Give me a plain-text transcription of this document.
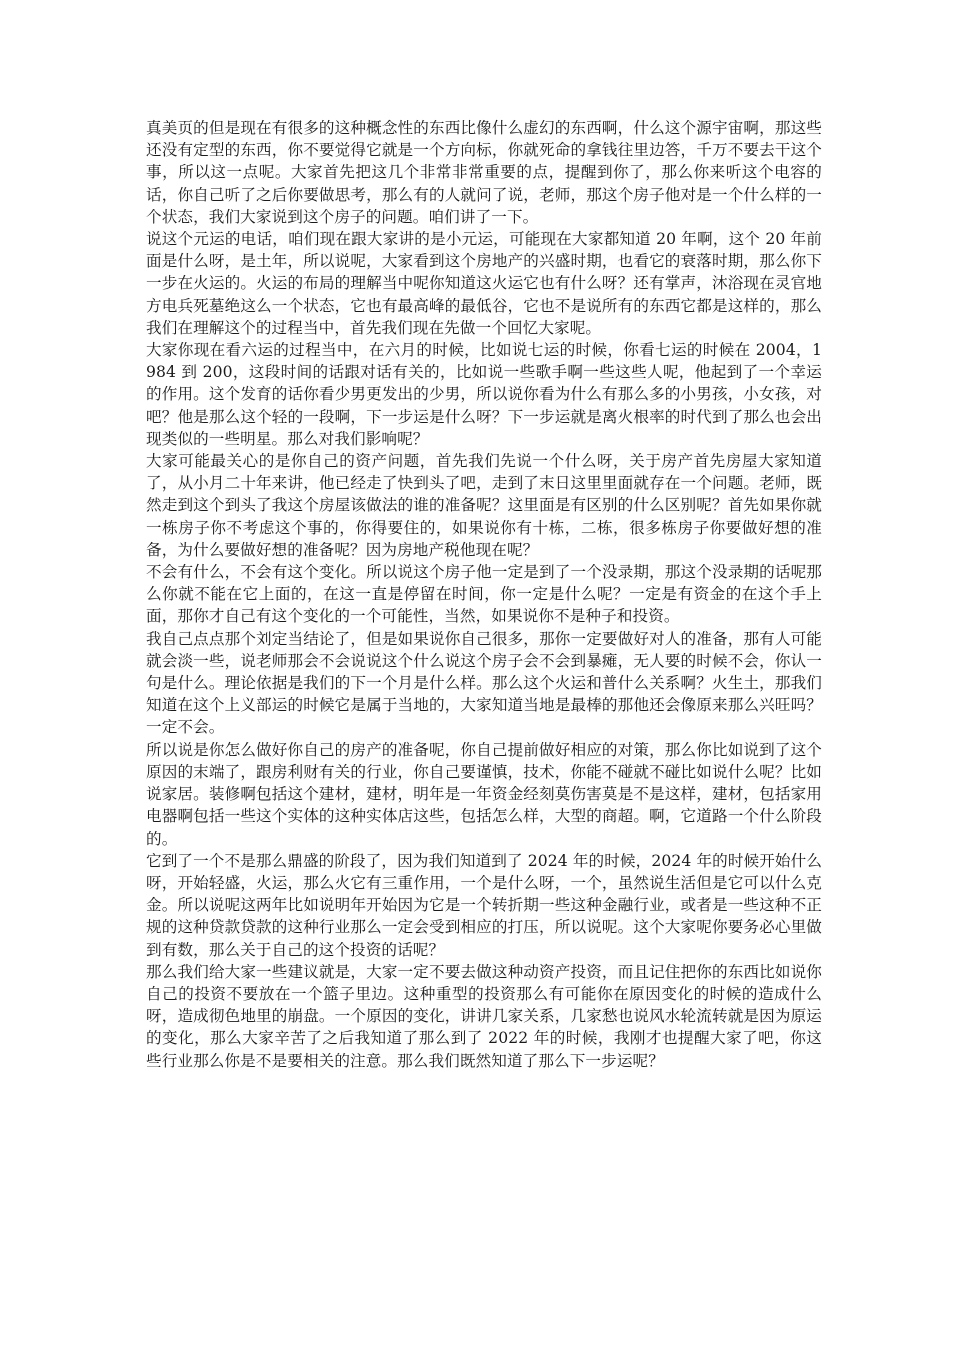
真美页的但是现在有很多的这种概念性的东西比像什么虚幻的东西啊，什么这个源宇宙啊，那这些还没有定型的东西，你不要觉得它就是一个方向标，你就死命的拿钱往里边答，千万不要去干这个事，所以这一点呢。大家首先把这几个非常非常重要的点，提醒到你了，那么你来听这个电容的话，你自己听了之后你要做思考，那么有的人就问了说，老师，那这个房子他对是一个什么样的一个状态，我们大家说到这个房子的问题。咱们讲了一下。

说这个元运的电话，咱们现在跟大家讲的是小元运，可能现在大家都知道 20 年啊，这个 20 年前面是什么呀，是土年，所以说呢，大家看到这个房地产的兴盛时期，也看它的衰落时期，那么你下一步在火运的。火运的布局的理解当中呢你知道这火运它也有什么呀？还有掌声，沐浴现在灵官地方电兵死墓绝这么一个状态，它也有最高峰的最低谷，它也不是说所有的东西它都是这样的，那么我们在理解这个的过程当中，首先我们现在先做一个回忆大家呢。

大家你现在看六运的过程当中，在六月的时候，比如说七运的时候，你看七运的时候在 2004，1984 到 200，这段时间的话跟对话有关的，比如说一些歌手啊一些这些人呢，他起到了一个幸运的作用。这个发育的话你看少男更发出的少男，所以说你看为什么有那么多的小男孩，小女孩，对吧？他是那么这个轻的一段啊，下一步运是什么呀？下一步运就是离火根率的时代到了那么也会出现类似的一些明星。那么对我们影响呢？

大家可能最关心的是你自己的资产问题，首先我们先说一个什么呀，关于房产首先房屋大家知道了，从小月二十年来讲，他已经走了快到头了吧，走到了末日这里里面就存在一个问题。老师，既然走到这个到头了我这个房屋该做法的谁的准备呢？这里面是有区别的什么区别呢？首先如果你就一栋房子你不考虑这个事的，你得要住的，如果说你有十栋，二栋，很多栋房子你要做好想的准备，为什么要做好想的准备呢？因为房地产税他现在呢？

不会有什么，不会有这个变化。所以说这个房子他一定是到了一个没录期，那这个没录期的话呢那么你就不能在它上面的，在这一直是停留在时间，你一定是什么呢？一定是有资金的在这个手上面，那你才自己有这个变化的一个可能性，当然，如果说你不是种子和投资。

我自己点点那个刘定当结论了，但是如果说你自己很多，那你一定要做好对人的准备，那有人可能就会淡一些，说老师那会不会说说这个什么说这个房子会不会到暴瘫，无人要的时候不会，你认一句是什么。理论依据是我们的下一个月是什么样。那么这个火运和普什么关系啊？火生土，那我们知道在这个上义部运的时候它是属于当地的，大家知道当地是最棒的那他还会像原来那么兴旺吗？一定不会。

所以说是你怎么做好你自己的房产的准备呢，你自己提前做好相应的对策，那么你比如说到了这个原因的末端了，跟房利财有关的行业，你自己要谨慎，技术，你能不碰就不碰比如说什么呢？比如说家居。装修啊包括这个建材，建材，明年是一年资金经刻莫伤害莫是不是这样，建材，包括家用电器啊包括一些这个实体的这种实体店这些，包括怎么样，大型的商超。啊，它道路一个什么阶段的。

它到了一个不是那么鼎盛的阶段了，因为我们知道到了 2024 年的时候，2024 年的时候开始什么呀，开始轻盛，火运，那么火它有三重作用，一个是什么呀，一个，虽然说生活但是它可以什么克金。所以说呢这两年比如说明年开始因为它是一个转折期一些这种金融行业，或者是一些这种不正规的这种贷款贷款的这种行业那么一定会受到相应的打压，所以说呢。这个大家呢你要务必心里做到有数，那么关于自己的这个投资的话呢？

那么我们给大家一些建议就是，大家一定不要去做这种动资产投资，而且记住把你的东西比如说你自己的投资不要放在一个篮子里边。这种重型的投资那么有可能你在原因变化的时候的造成什么呀，造成彻色地里的崩盘。一个原因的变化，讲讲几家关系，几家愁也说风水轮流转就是因为原运的变化，那么大家辛苦了之后我知道了那么到了 2022 年的时候，我刚才也提醒大家了吧，你这些行业那么你是不是要相关的注意。那么我们既然知道了那么下一步运呢？
